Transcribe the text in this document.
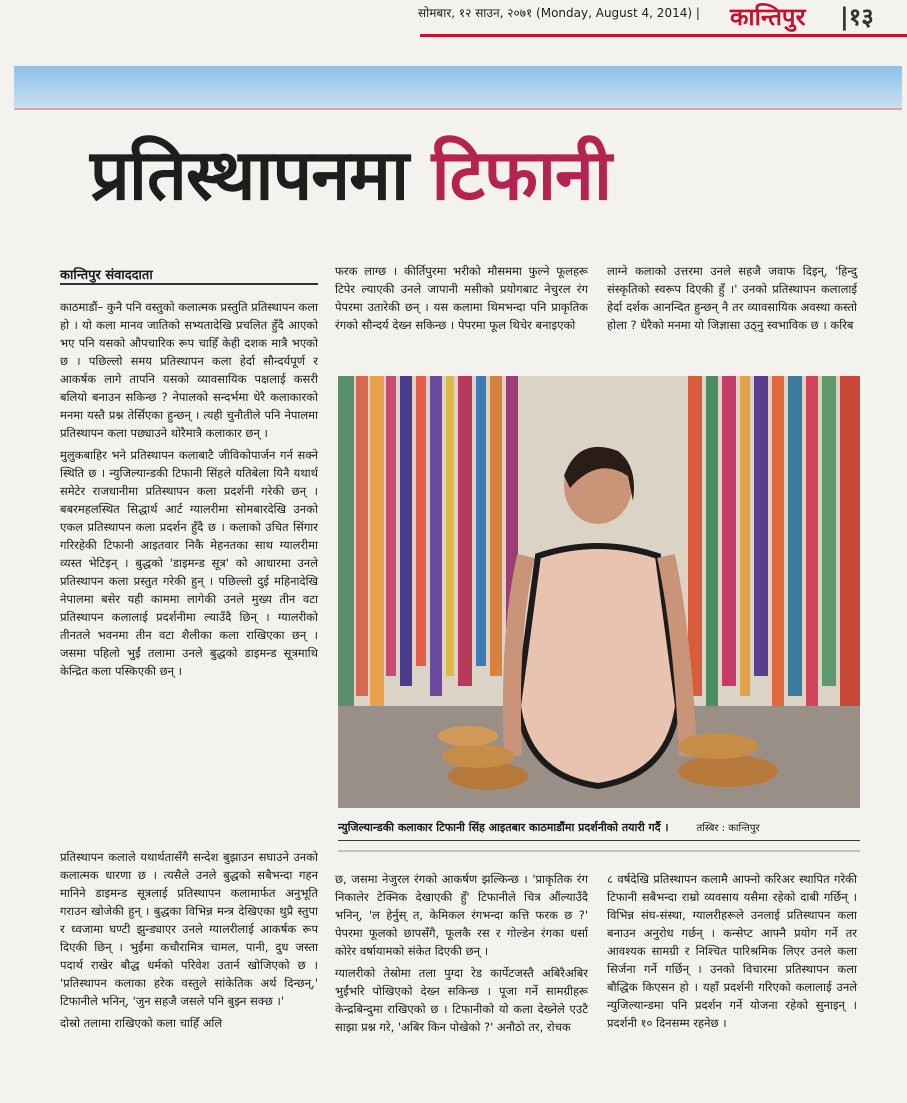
सोमबार, १२ साउन, २०७१ (Monday, August 4, 2014) | कान्तिपुर |१३
प्रतिस्थापनमा टिफानी
कान्तिपुर संवाददाता

काठमाडौं– कुनै पनि वस्तुको कलात्मक प्रस्तुति प्रतिस्थापन कला हो । यो कला मानव जातिको सभ्यतादेखि प्रचलित हुँदै आएको भए पनि यसको औपचारिक रूप चाहिँ केही दशक मात्रै भएको छ । पछिल्लो समय प्रतिस्थापन कला हेर्दा सौन्दर्यपूर्ण र आकर्षक लागे तापनि यसको व्यावसायिक पक्षलाई कसरी बलियो बनाउन सकिन्छ ? नेपालको सन्दर्भमा धेरै कलाकारको मनमा यस्तै प्रश्न तेर्सिएका हुन्छन् । त्यही चुनौतीले पनि नेपालमा प्रतिस्थापन कला पछ्याउने थोरैमात्रै कलाकार छन् ।

मुलुकबाहिर भने प्रतिस्थापन कलाबाटै जीविकोपार्जन गर्न सक्ने स्थिति छ । न्युजिल्यान्डकी टिफानी सिंहले यतिबेला यिनै यथार्थ समेटेर राजधानीमा प्रतिस्थापन कला प्रदर्शनी गरेकी छन् । बबरमहलस्थित सिद्धार्थ आर्ट ग्यालरीमा सोमबारदेखि उनको एकल प्रतिस्थापन कला प्रदर्शन हुँदै छ । कलाको उचित सिंगार गरिरहेकी टिफानी आइतवार निकै मेहनतका साथ ग्यालरीमा व्यस्त भेटिइन् । बुद्धको 'डाइमन्ड सूत्र' को आधारमा उनले प्रतिस्थापन कला प्रस्तुत गरेकी हुन् । पछिल्लो दुई महिनादेखि नेपालमा बसेर यही काममा लागेकी उनले मुख्य तीन वटा प्रतिस्थापन कलालाई प्रदर्शनीमा ल्याउँदै छिन् । ग्यालरीको तीनतले भवनमा तीन वटा शैलीका कला राखिएका छन् । जसमा पहिलो भुईं तलामा उनले बुद्धको डाइमन्ड सूत्रमाथि केन्द्रित कला पस्किएकी छन् ।

फरक लाग्छ । कीर्तिपुरमा भरीको मौसममा फुल्ने फूलहरू टिपेर ल्याएकी उनले जापानी मसीको प्रयोगबाट नेचुरल रंग पेपरमा उतारेकी छन् । यस कलामा थिमभन्दा पनि प्राकृतिक रंगको सौन्दर्य देख्न सकिन्छ । पेपरमा फूल थिचेर बनाइएको

लाग्ने कलाको उत्तरमा उनले सहजै जवाफ दिइन्, 'हिन्दु संस्कृतिको स्वरूप दिएकी हुँ ।' उनको प्रतिस्थापन कलालाई हेर्दा दर्शक आनन्दित हुन्छन् नै तर व्यावसायिक अवस्था कस्तो होला ? धेरैको मनमा यो जिज्ञासा उठ्नु स्वभाविक छ । करिब

न्युजिल्यान्डकी कलाकार टिफानी सिंह आइतबार काठमाडौंमा प्रदर्शनीको तयारी गर्दै ।	तस्बिर : कान्तिपुर

प्रतिस्थापन कलाले यथार्थतासँगै सन्देश बुझाउन सघाउने उनको कलात्मक धारणा छ । त्यसैले उनले बुद्धको सबैभन्दा गहन मानिने डाइमन्ड सूत्रलाई प्रतिस्थापन कलामार्फत अनुभूति गराउन खोजेकी हुन् । बुद्धका विभिन्न मन्त्र देखिएका थुप्रै स्तुपा र ध्वजामा घण्टी झुन्ड्याएर उनले ग्यालरीलाई आकर्षक रूप दिएकी छिन् । भुईंमा कचौरामित्र चामल, पानी, दुध जस्ता पदार्थ राखेर बौद्ध धर्मको परिवेश उतार्न खोजिएको छ । 'प्रतिस्थापन कलाका हरेक वस्तुले सांकेतिक अर्थ दिन्छन्,' टिफानीले भनिन्, 'जुन सहजै जसले पनि बुझ्न सक्छ ।'

दोस्रो तलामा राखिएको कला चाहिँ अलि

छ, जसमा नेजुरल रंगको आकर्षण झल्किन्छ । 'प्राकृतिक रंग निकालेर टेक्निक देखाएकी हुँ' टिफानीले चित्र औंल्याउँदै भनिन्, 'ल हेर्नुस् त, केमिकल रंगभन्दा कत्ति फरक छ ?' पेपरमा फूलको छापसँगै, फूलकै रस र गोल्डेन रंगका धर्सा कोरेर वर्षायामको संकेत दिएकी छन् ।

ग्यालरीको तेस्रोमा तला पुग्दा रेड कार्पेटजस्तै अबिरैअबिर भुईंभरि पोखिएको देख्न सकिन्छ । पूजा गर्ने सामग्रीहरू केन्द्रबिन्दुमा राखिएको छ । टिफानीको यो कला देख्नेले एउटै साझा प्रश्न गरे, 'अबिर किन पोखेको ?' अनौठो तर, रोचक

८ वर्षदेखि प्रतिस्थापन कलामै आफ्नो करिअर स्थापित गरेकी टिफानी सबैभन्दा राम्रो व्यवसाय यसैमा रहेको दाबी गर्छिन् । विभिन्न संघ-संस्था, ग्यालरीहरूले उनलाई प्रतिस्थापन कला बनाउन अनुरोध गर्छन् । कन्सेप्ट आफ्नै प्रयोग गर्ने तर आवश्यक सामग्री र निश्चित पारिश्रमिक लिएर उनले कला सिर्जना गर्ने गर्छिन् । उनको विचारमा प्रतिस्थापन कला बौद्धिक किएसन हो । यहाँ प्रदर्शनी गरिएको कलालाई उनले न्युजिल्यान्डमा पनि प्रदर्शन गर्ने योजना रहेको सुनाइन् । प्रदर्शनी १० दिनसम्म रहनेछ ।
